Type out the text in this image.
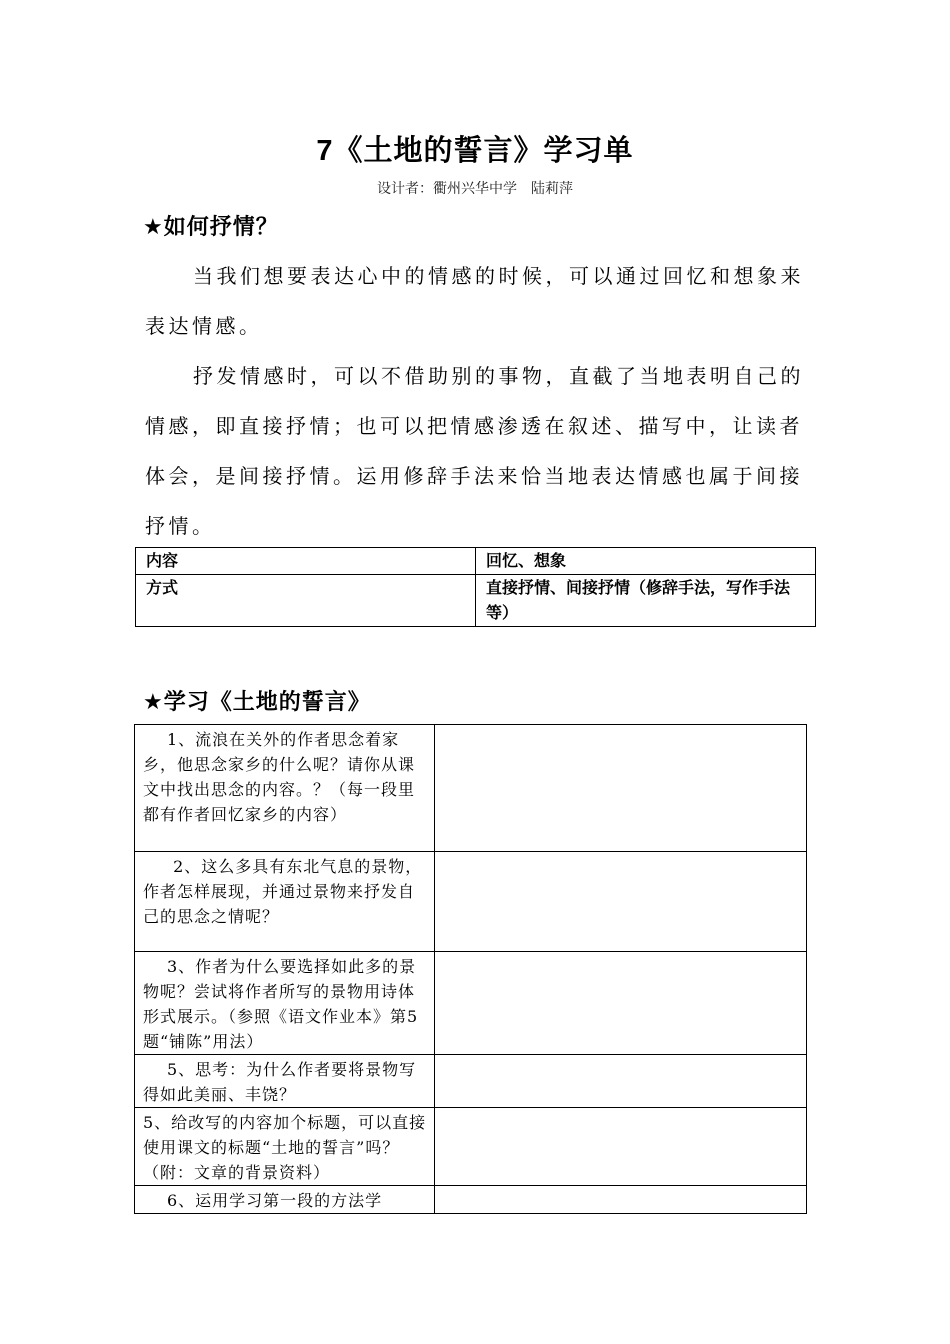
7《土地的誓言》学习单
设计者：衢州兴华中学　陆莉萍
★如何抒情？

当我们想要表达心中的情感的时候，可以通过回忆和想象来表达情感。

抒发情感时，可以不借助别的事物，直截了当地表明自己的情感，即直接抒情；也可以把情感渗透在叙述、描写中，让读者体会，是间接抒情。运用修辞手法来恰当地表达情感也属于间接抒情。

内容	回忆、想象
方式	直接抒情、间接抒情（修辞手法，写作手法等）
★学习《土地的誓言》
1、流浪在关外的作者思念着家乡，他思念家乡的什么呢？请你从课文中找出思念的内容。？（每一段里都有作者回忆家乡的内容）	
2、这么多具有东北气息的景物，作者怎样展现，并通过景物来抒发自己的思念之情呢？	
3、作者为什么要选择如此多的景物呢？尝试将作者所写的景物用诗体形式展示。（参照《语文作业本》第5题“铺陈”用法）	
5、思考：为什么作者要将景物写得如此美丽、丰饶？	
5、给改写的内容加个标题，可以直接使用课文的标题“土地的誓言”吗？（附：文章的背景资料）	
6、运用学习第一段的方法学	
